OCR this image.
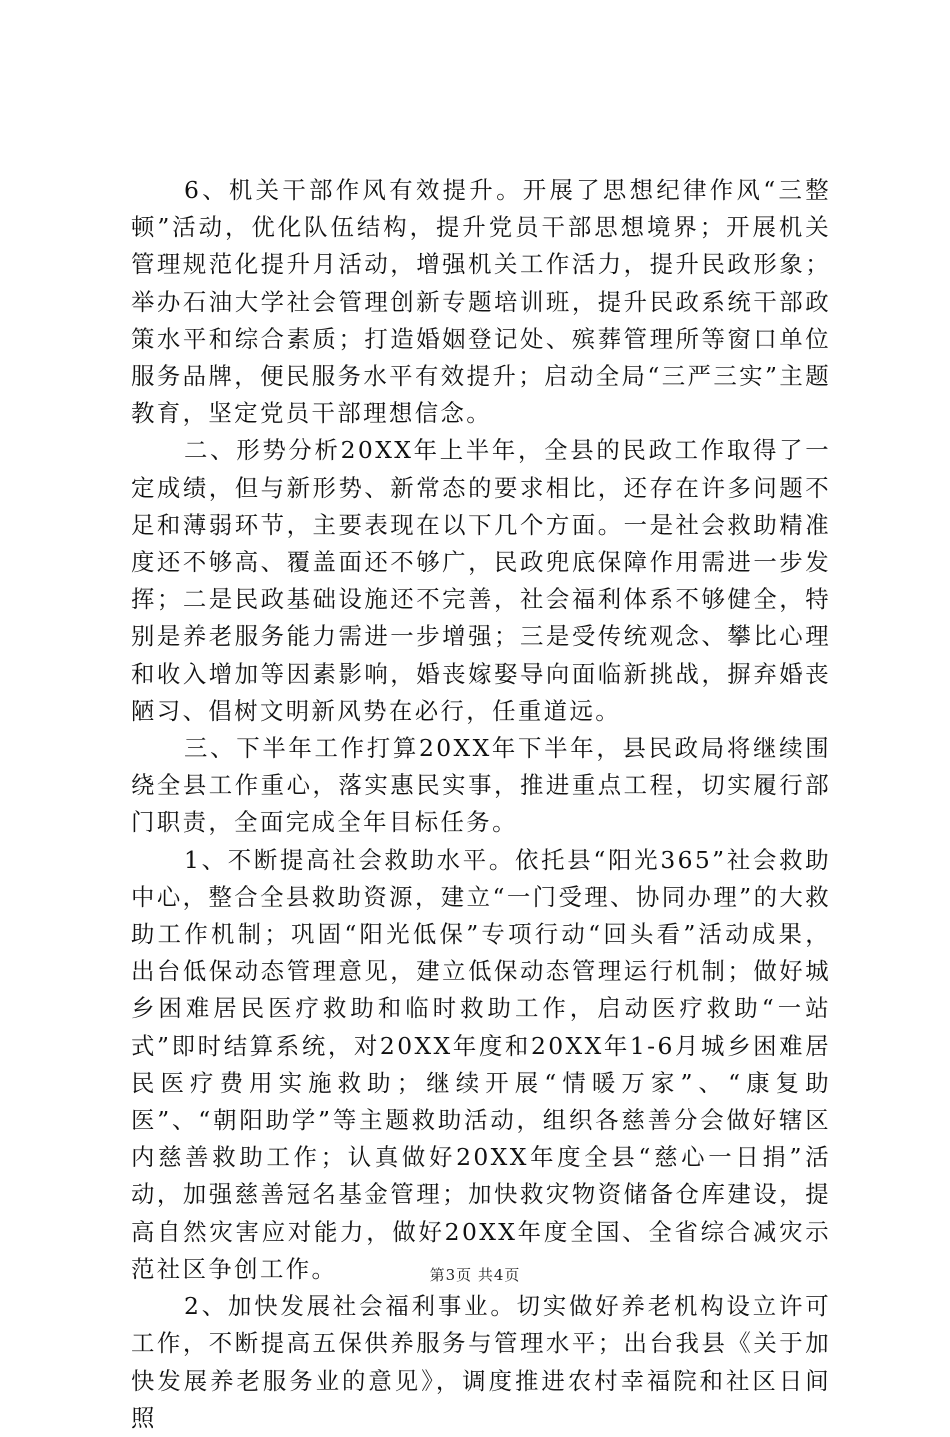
6、机关干部作风有效提升。开展了思想纪律作风“三整顿”活动，优化队伍结构，提升党员干部思想境界；开展机关管理规范化提升月活动，增强机关工作活力，提升民政形象；举办石油大学社会管理创新专题培训班，提升民政系统干部政策水平和综合素质；打造婚姻登记处、殡葬管理所等窗口单位服务品牌，便民服务水平有效提升；启动全局“三严三实”主题教育，坚定党员干部理想信念。

二、形势分析20XX年上半年，全县的民政工作取得了一定成绩，但与新形势、新常态的要求相比，还存在许多问题不足和薄弱环节，主要表现在以下几个方面。一是社会救助精准度还不够高、覆盖面还不够广，民政兜底保障作用需进一步发挥；二是民政基础设施还不完善，社会福利体系不够健全，特别是养老服务能力需进一步增强；三是受传统观念、攀比心理和收入增加等因素影响，婚丧嫁娶导向面临新挑战，摒弃婚丧陋习、倡树文明新风势在必行，任重道远。

三、下半年工作打算20XX年下半年，县民政局将继续围绕全县工作重心，落实惠民实事，推进重点工程，切实履行部门职责，全面完成全年目标任务。

1、不断提高社会救助水平。依托县“阳光365”社会救助中心，整合全县救助资源，建立“一门受理、协同办理”的大救助工作机制；巩固“阳光低保”专项行动“回头看”活动成果，出台低保动态管理意见，建立低保动态管理运行机制；做好城乡困难居民医疗救助和临时救助工作，启动医疗救助“一站式”即时结算系统，对20XX年度和20XX年1-6月城乡困难居民医疗费用实施救助；继续开展“情暖万家”、“康复助医”、“朝阳助学”等主题救助活动，组织各慈善分会做好辖区内慈善救助工作；认真做好20XX年度全县“慈心一日捐”活动，加强慈善冠名基金管理；加快救灾物资储备仓库建设，提高自然灾害应对能力，做好20XX年度全国、全省综合减灾示范社区争创工作。

2、加快发展社会福利事业。切实做好养老机构设立许可工作，不断提高五保供养服务与管理水平；出台我县《关于加快发展养老服务业的意见》，调度推进农村幸福院和社区日间照

第3页 共4页
